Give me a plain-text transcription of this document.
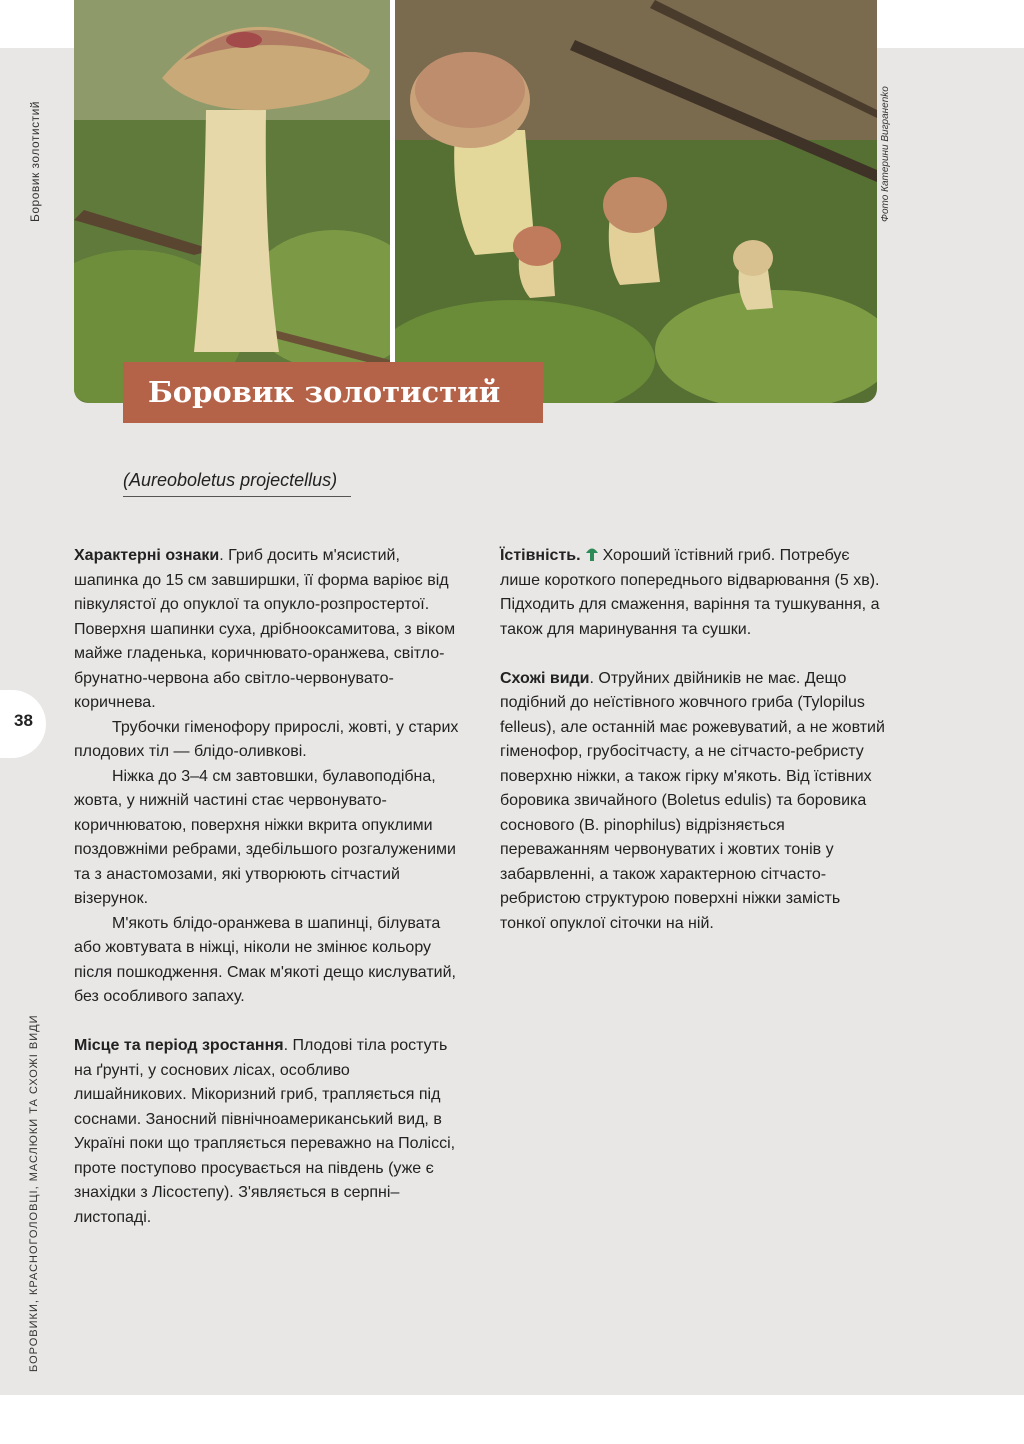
Боровик золотистий
Фото Катерини Вигранenko
Боровик золотистий
38
БОРОВИКИ, КРАСНОГОЛОВЦІ, МАСЛЮКИ ТА СХОЖІ ВИДИ
(Aureoboletus projectellus)

Характерні ознаки. Гриб досить м'ясистий, шапинка до 15 см завширшки, її форма варіює від півкулястої до опуклої та опукло-розпростертої. Поверхня шапинки суха, дрібнооксамитова, з віком майже гладенька, коричнювато-оранжева, світло-брунатно-червона або світло-червонувато-коричнева.

Трубочки гіменофору прирослі, жовті, у старих плодових тіл — блідо-оливкові.

Ніжка до 3–4 см завтовшки, булавоподібна, жовта, у нижній частині стає червонувато-коричнюватою, поверхня ніжки вкрита опуклими поздовжніми ребрами, здебільшого розгалуженими та з анастомозами, які утворюють сітчастий візерунок.

М'якоть блідо-оранжева в шапинці, білувата або жовтувата в ніжці, ніколи не змінює кольору після пошкодження. Смак м'якоті дещо кислуватий, без особливого запаху.

Місце та період зростання. Плодові тіла ростуть на ґрунті, у соснових лісах, особливо лишайникових. Мікоризний гриб, трапляється під соснами. Заносний північноамериканський вид, в Україні поки що трапляється переважно на Поліссі, проте поступово просувається на південь (уже є знахідки з Лісостепу). З'являється в серпні–листопаді.

Їстівність. Хороший їстівний гриб. Потребує лише короткого попереднього відварювання (5 хв). Підходить для смаження, варіння та тушкування, а також для маринування та сушки.

Схожі види. Отруйних двійників не має. Дещо подібний до неїстівного жовчного гриба (Tylopilus felleus), але останній має рожевуватий, а не жовтий гіменофор, грубосітчасту, а не сітчасто-ребристу поверхню ніжки, а також гірку м'якоть. Від їстівних боровика звичайного (Boletus edulis) та боровика соснового (B. pinophilus) відрізняється переважанням червонуватих і жовтих тонів у забарвленні, а також характерною сітчасто-ребристою структурою поверхні ніжки замість тонкої опуклої сіточки на ній.
